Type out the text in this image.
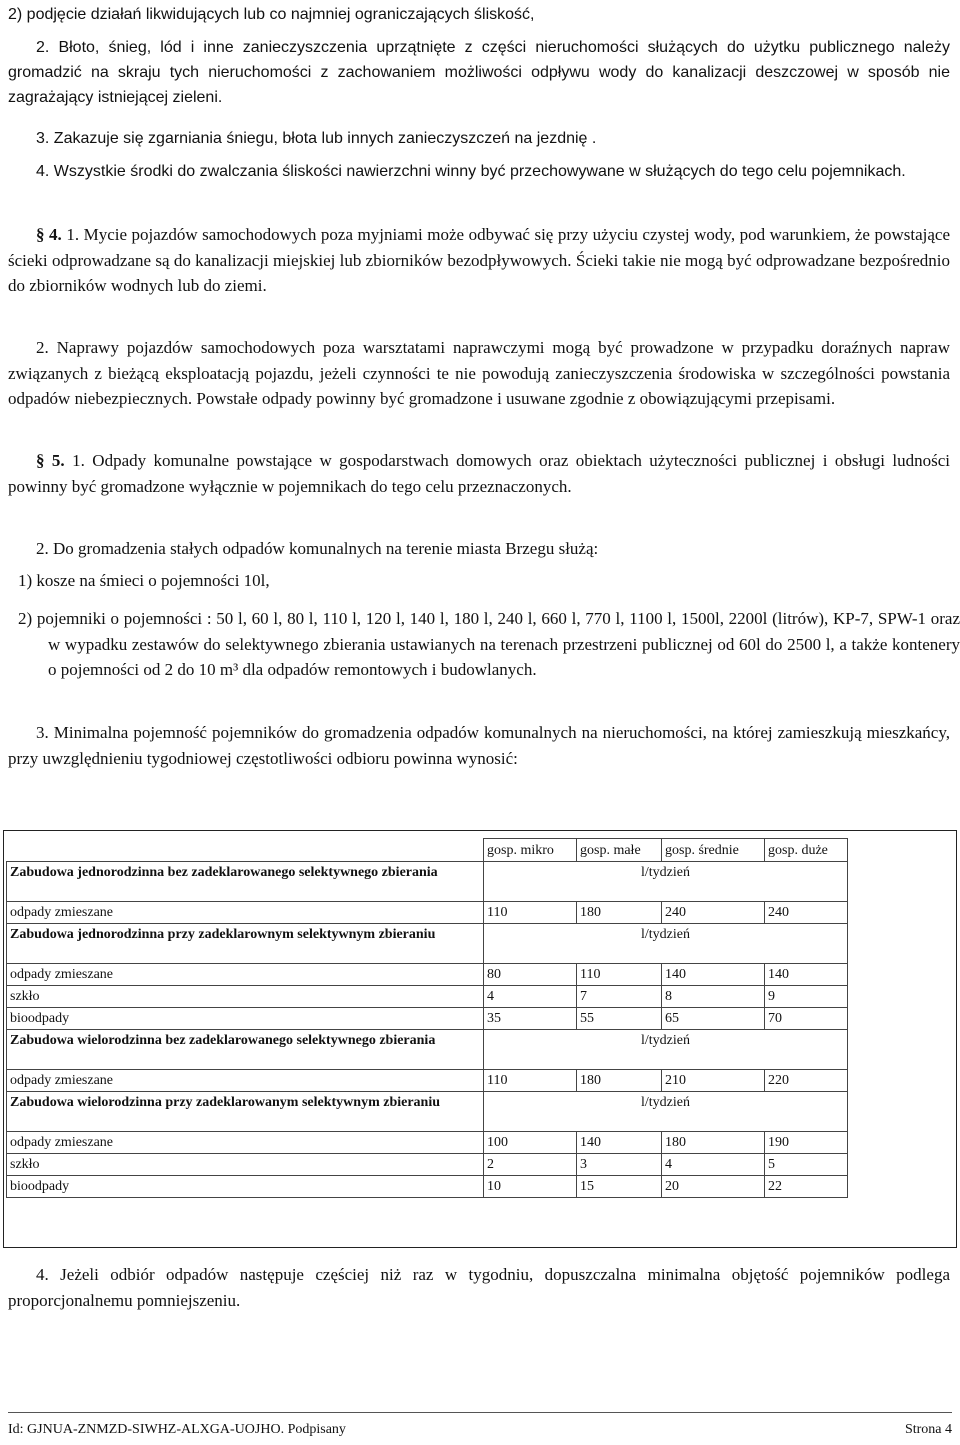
2) podjęcie działań likwidujących lub co najmniej ograniczających śliskość,

2. Błoto, śnieg, lód i inne zanieczyszczenia uprzątnięte z części nieruchomości służących do użytku publicznego należy gromadzić na skraju tych nieruchomości z zachowaniem możliwości odpływu wody do kanalizacji deszczowej w sposób nie zagrażający istniejącej zieleni.

3. Zakazuje się zgarniania śniegu, błota lub innych zanieczyszczeń na jezdnię .

4. Wszystkie środki do zwalczania śliskości nawierzchni winny być przechowywane w służących do tego celu pojemnikach.

§ 4. 1. Mycie pojazdów samochodowych poza myjniami może odbywać się przy użyciu czystej wody, pod warunkiem, że powstające ścieki odprowadzane są do kanalizacji miejskiej lub zbiorników bezodpływowych. Ścieki takie nie mogą być odprowadzane bezpośrednio do zbiorników wodnych lub do ziemi.

2. Naprawy pojazdów samochodowych poza warsztatami naprawczymi mogą być prowadzone w przypadku doraźnych napraw związanych z bieżącą eksploatacją pojazdu, jeżeli czynności te nie powodują zanieczyszczenia środowiska w szczególności powstania odpadów niebezpiecznych. Powstałe odpady powinny być gromadzone i usuwane zgodnie z obowiązującymi przepisami.

§ 5. 1. Odpady komunalne powstające w gospodarstwach domowych oraz obiektach użyteczności publicznej i obsługi ludności powinny być gromadzone wyłącznie w pojemnikach do tego celu przeznaczonych.

2. Do gromadzenia stałych odpadów komunalnych na terenie miasta Brzegu służą:

1) kosze na śmieci o pojemności 10l,

2) pojemniki o pojemności : 50 l, 60 l, 80 l, 110 l, 120 l, 140 l, 180 l, 240 l, 660 l, 770 l, 1100 l, 1500l, 2200l (litrów), KP-7, SPW-1 oraz w wypadku zestawów do selektywnego zbierania ustawianych na terenach przestrzeni publicznej od 60l do 2500 l, a także kontenery o pojemności od 2 do 10 m³ dla odpadów remontowych i budowlanych.

3. Minimalna pojemność pojemników do gromadzenia odpadów komunalnych na nieruchomości, na której zamieszkują mieszkańcy, przy uwzględnieniu tygodniowej częstotliwości odbioru powinna wynosić:

	gosp. mikro	gosp. małe	gosp. średnie	gosp. duże
Zabudowa jednorodzinna bez zadeklarowanego selektywnego zbierania	l/tydzień			
odpady zmieszane	110	180	240	240
Zabudowa jednorodzinna przy zadeklarownym selektywnym zbieraniu	l/tydzień			
odpady zmieszane	80	110	140	140
szkło	4	7	8	9
bioodpady	35	55	65	70
Zabudowa wielorodzinna bez zadeklarowanego selektywnego zbierania	l/tydzień			
odpady zmieszane	110	180	210	220
Zabudowa wielorodzinna przy zadeklarowanym selektywnym zbieraniu	l/tydzień			
odpady zmieszane	100	140	180	190
szkło	2	3	4	5
bioodpady	10	15	20	22

4. Jeżeli odbiór odpadów następuje częściej niż raz w tygodniu, dopuszczalna minimalna objętość pojemników podlega proporcjonalnemu pomniejszeniu.

Id: GJNUA-ZNMZD-SIWHZ-ALXGA-UOJHO. Podpisany	Strona 4
